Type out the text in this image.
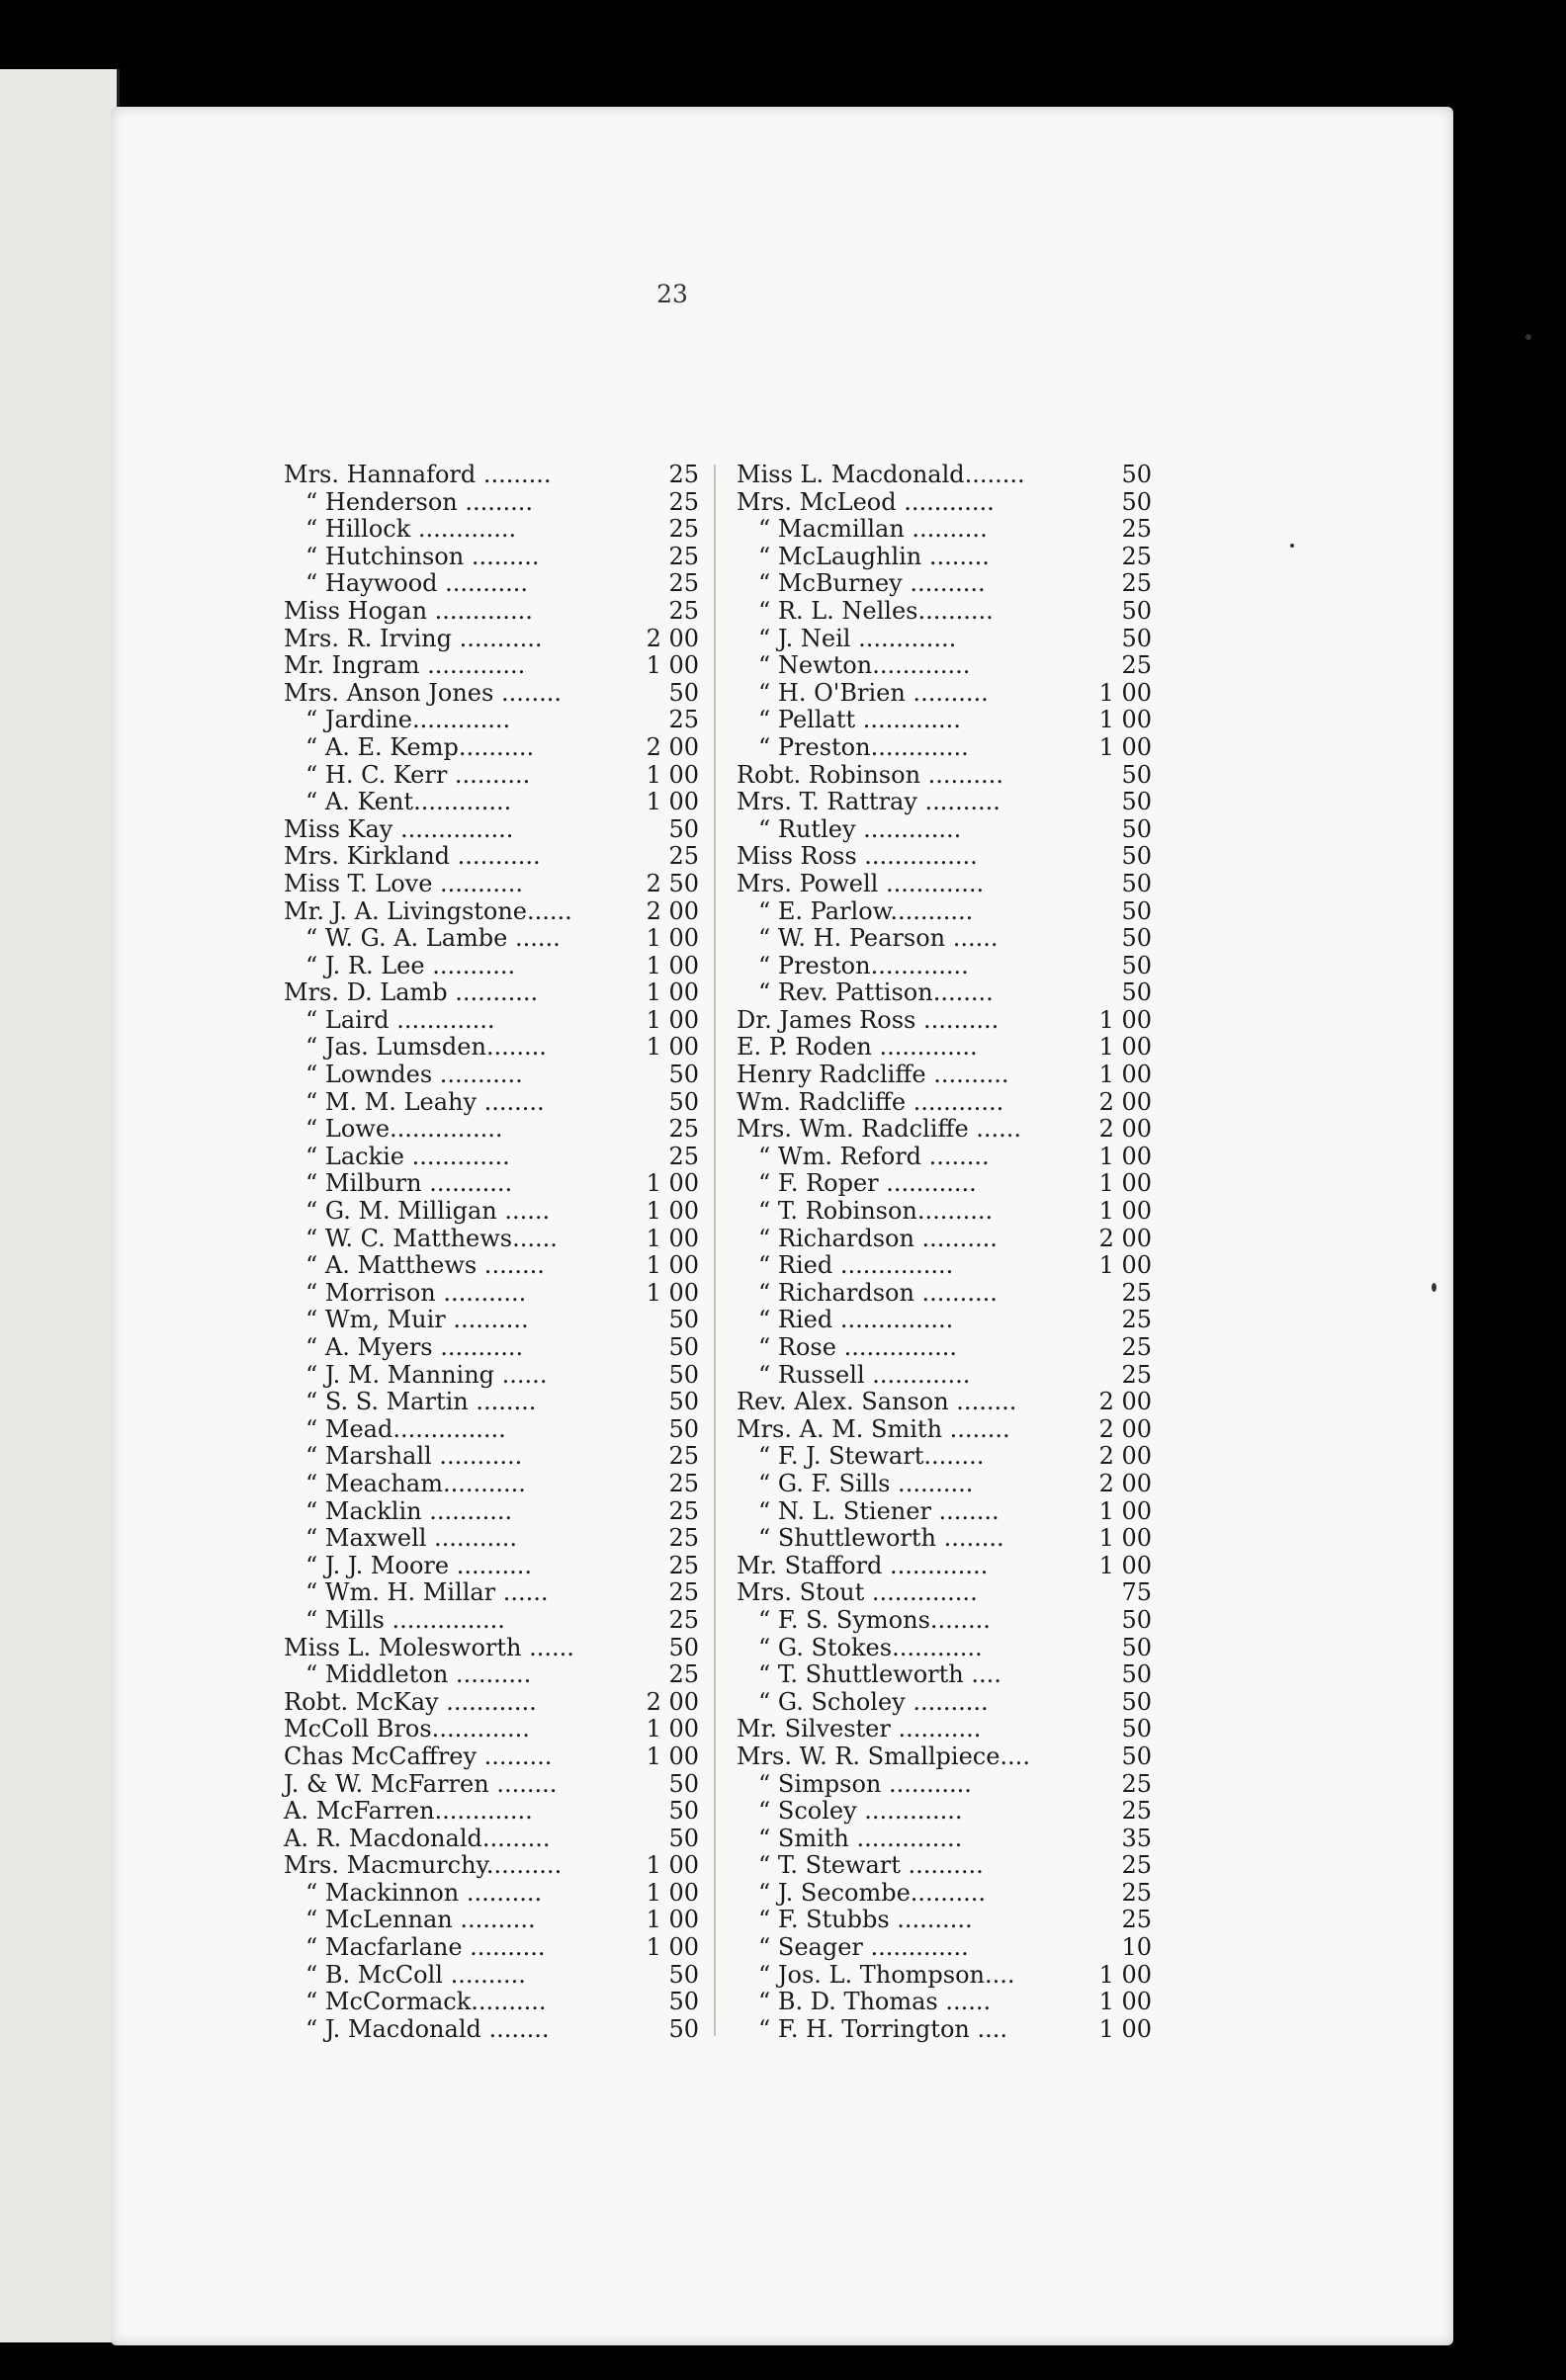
23
Mrs. Hannaford .........	25
“ Henderson .........	25
“ Hillock .............	25
“ Hutchinson .........	25
“ Haywood ...........	25
Miss Hogan .............	25
Mrs. R. Irving ...........	2 00
Mr. Ingram .............	1 00
Mrs. Anson Jones ........	50
“ Jardine.............	25
“ A. E. Kemp..........	2 00
“ H. C. Kerr ..........	1 00
“ A. Kent.............	1 00
Miss Kay ...............	50
Mrs. Kirkland ...........	25
Miss T. Love ...........	2 50
Mr. J. A. Livingstone......	2 00
“ W. G. A. Lambe ......	1 00
“ J. R. Lee ...........	1 00
Mrs. D. Lamb ...........	1 00
“ Laird .............	1 00
“ Jas. Lumsden........	1 00
“ Lowndes ...........	50
“ M. M. Leahy ........	50
“ Lowe...............	25
“ Lackie .............	25
“ Milburn ...........	1 00
“ G. M. Milligan ......	1 00
“ W. C. Matthews......	1 00
“ A. Matthews ........	1 00
“ Morrison ...........	1 00
“ Wm, Muir ..........	50
“ A. Myers ...........	50
“ J. M. Manning ......	50
“ S. S. Martin ........	50
“ Mead...............	50
“ Marshall ...........	25
“ Meacham...........	25
“ Macklin ...........	25
“ Maxwell ...........	25
“ J. J. Moore ..........	25
“ Wm. H. Millar ......	25
“ Mills ...............	25
Miss L. Molesworth ......	50
“ Middleton ..........	25
Robt. McKay ............	2 00
McColl Bros.............	1 00
Chas McCaffrey .........	1 00
J. & W. McFarren ........	50
A. McFarren.............	50
A. R. Macdonald.........	50
Mrs. Macmurchy..........	1 00
“ Mackinnon ..........	1 00
“ McLennan ..........	1 00
“ Macfarlane ..........	1 00
“ B. McColl ..........	50
“ McCormack..........	50
“ J. Macdonald ........	50
Miss L. Macdonald........	50
Mrs. McLeod ............	50
“ Macmillan ..........	25
“ McLaughlin ........	25
“ McBurney ..........	25
“ R. L. Nelles..........	50
“ J. Neil .............	50
“ Newton.............	25
“ H. O'Brien ..........	1 00
“ Pellatt .............	1 00
“ Preston.............	1 00
Robt. Robinson ..........	50
Mrs. T. Rattray ..........	50
“ Rutley .............	50
Miss Ross ...............	50
Mrs. Powell .............	50
“ E. Parlow...........	50
“ W. H. Pearson ......	50
“ Preston.............	50
“ Rev. Pattison........	50
Dr. James Ross ..........	1 00
E. P. Roden .............	1 00
Henry Radcliffe ..........	1 00
Wm. Radcliffe ............	2 00
Mrs. Wm. Radcliffe ......	2 00
“ Wm. Reford ........	1 00
“ F. Roper ............	1 00
“ T. Robinson..........	1 00
“ Richardson ..........	2 00
“ Ried ...............	1 00
“ Richardson ..........	25
“ Ried ...............	25
“ Rose ...............	25
“ Russell .............	25
Rev. Alex. Sanson ........	2 00
Mrs. A. M. Smith ........	2 00
“ F. J. Stewart........	2 00
“ G. F. Sills ..........	2 00
“ N. L. Stiener ........	1 00
“ Shuttleworth ........	1 00
Mr. Stafford .............	1 00
Mrs. Stout ..............	75
“ F. S. Symons........	50
“ G. Stokes............	50
“ T. Shuttleworth ....	50
“ G. Scholey ..........	50
Mr. Silvester ...........	50
Mrs. W. R. Smallpiece....	50
“ Simpson ...........	25
“ Scoley .............	25
“ Smith ..............	35
“ T. Stewart ..........	25
“ J. Secombe..........	25
“ F. Stubbs ..........	25
“ Seager .............	10
“ Jos. L. Thompson....	1 00
“ B. D. Thomas ......	1 00
“ F. H. Torrington ....	1 00
